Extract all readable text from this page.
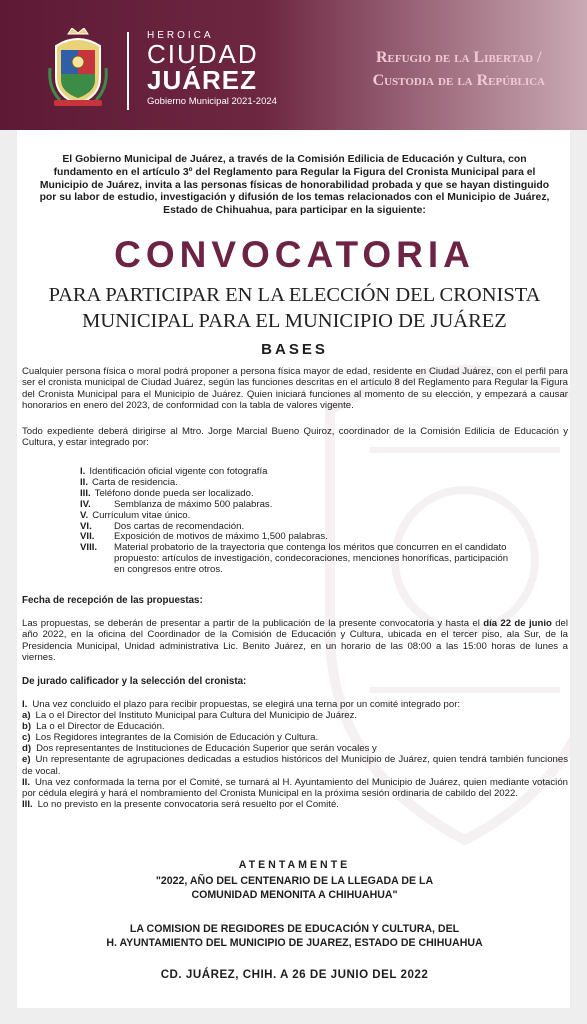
HEROICA
CIUDAD
JUÁREZ
Gobierno Municipal 2021-2024
Refugio de la Libertad /
Custodia de la República

El Gobierno Municipal de Juárez, a través de la Comisión Edilicia de Educación y Cultura, con fundamento en el artículo 3º del Reglamento para Regular la Figura del Cronista Municipal para el Municipio de Juárez, invita a las personas físicas de honorabilidad probada y que se hayan distinguido por su labor de estudio, investigación y difusión de los temas relacionados con el Municipio de Juárez, Estado de Chihuahua, para participar en la siguiente:

CONVOCATORIA
PARA PARTICIPAR EN LA ELECCIÓN DEL CRONISTA
MUNICIPAL PARA EL MUNICIPIO DE JUÁREZ
BASES

Cualquier persona física o moral podrá proponer a persona física mayor de edad, residente en Ciudad Juárez, con el perfil para ser el cronista municipal de Ciudad Juárez, según las funciones descritas en el artículo 8 del Reglamento para Regular la Figura del Cronista Municipal para el Municipio de Juárez. Quien iniciará funciones al momento de su elección, y empezará a causar honorarios en enero del 2023, de conformidad con la tabla de valores vigente.

Todo expediente deberá dirigirse al Mtro. Jorge Marcial Bueno Quiroz, coordinador de la Comisión Edilicia de Educación y Cultura, y estar integrado por:

I. Identificación oficial vigente con fotografía
II. Carta de residencia.
III. Teléfono donde pueda ser localizado.
IV.	Semblanza de máximo 500 palabras.
V. Currículum vitae único.
VI.	Dos cartas de recomendación.
VII.	Exposición de motivos de máximo 1,500 palabras.
VIII.	Material probatorio de la trayectoria que contenga los méritos que concurren en el candidato propuesto: artículos de investigación, condecoraciones, menciones honoríficas, participación en congresos entre otros.
Fecha de recepción de las propuestas:

Las propuestas, se deberán de presentar a partir de la publicación de la presente convocatoria y hasta el día 22 de junio del año 2022, en la oficina del Coordinador de la Comisión de Educación y Cultura, ubicada en el tercer piso, ala Sur, de la Presidencia Municipal, Unidad administrativa Lic. Benito Juárez, en un horario de las 08:00 a las 15:00 horas de lunes a viernes.

De jurado calificador y la selección del cronista:
I. Una vez concluido el plazo para recibir propuestas, se elegirá una terna por un comité integrado por:
a) La o el Director del Instituto Municipal para Cultura del Municipio de Juárez.
b) La o el Director de Educación.
c) Los Regidores integrantes de la Comisión de Educación y Cultura.
d) Dos representantes de Instituciones de Educación Superior que serán vocales y
e) Un representante de agrupaciones dedicadas a estudios históricos del Municipio de Juárez, quien tendrá también funciones de vocal.
II. Una vez conformada la terna por el Comité, se turnará al H. Ayuntamiento del Municipio de Juárez, quien mediante votación por cédula elegirá y hará el nombramiento del Cronista Municipal en la próxima sesión ordinaria de cabildo del 2022.
III. Lo no previsto en la presente convocatoria será resuelto por el Comité.
ATENTAMENTE
"2022, AÑO DEL CENTENARIO DE LA LLEGADA DE LA
COMUNIDAD MENONITA A CHIHUAHUA"
LA COMISION DE REGIDORES DE EDUCACIÓN Y CULTURA, DEL
H. AYUNTAMIENTO DEL MUNICIPIO DE JUAREZ, ESTADO DE CHIHUAHUA
CD. JUÁREZ, CHIH. A 26 DE JUNIO DEL 2022
